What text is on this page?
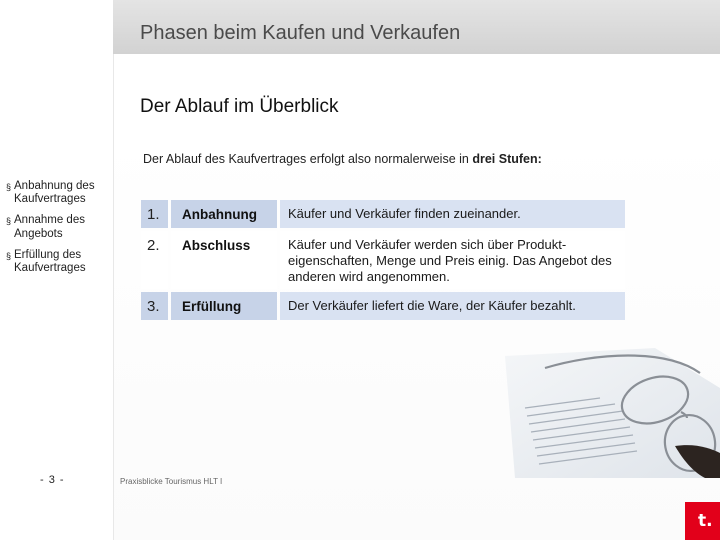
Phasen beim Kaufen und Verkaufen
Der Ablauf im Überblick
Der Ablauf des Kaufvertrages erfolgt also normalerweise in drei Stufen:
§ Anbahnung des Kaufvertrages
§ Annahme des Angebots
§ Erfüllung des Kaufvertrages
1.	Anbahnung	Käufer und Verkäufer finden zueinander.
2.	Abschluss	Käufer und Verkäufer werden sich über Produkt-eigenschaften, Menge und Preis einig. Das Angebot des anderen wird angenommen.
3.	Erfüllung	Der Verkäufer liefert die Ware, der Käufer bezahlt.
- 3 -	Praxisblicke Tourismus HLT I
t.
